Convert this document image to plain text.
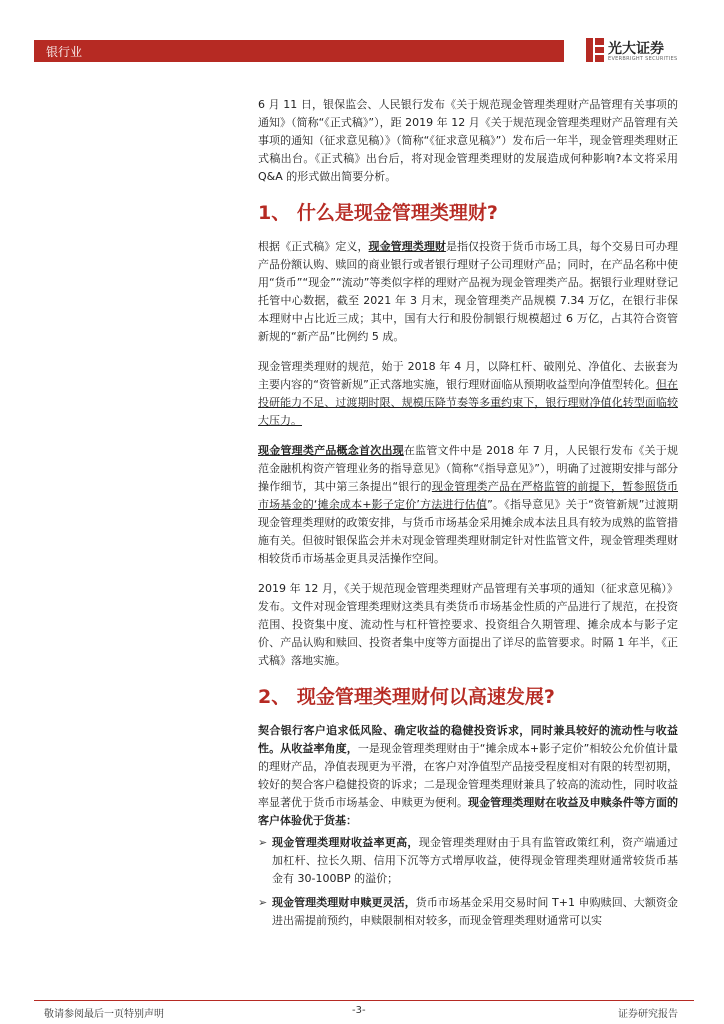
银行业	光大证券
EVERBRIGHT SECURITIES

6 月 11 日，银保监会、人民银行发布《关于规范现金管理类理财产品管理有关事项的通知》（简称“《正式稿》”），距 2019 年 12 月《关于规范现金管理类理财产品管理有关事项的通知（征求意见稿）》（简称“《征求意见稿》”）发布后一年半，现金管理类理财正式稿出台。《正式稿》出台后，将对现金管理类理财的发展造成何种影响?本文将采用 Q&A 的形式做出简要分析。

1、 什么是现金管理类理财?

根据《正式稿》定义，现金管理类理财是指仅投资于货币市场工具，每个交易日可办理产品份额认购、赎回的商业银行或者银行理财子公司理财产品；同时，在产品名称中使用“货币”“现金”“流动”等类似字样的理财产品视为现金管理类产品。据银行业理财登记托管中心数据，截至 2021 年 3 月末，现金管理类产品规模 7.34 万亿，在银行非保本理财中占比近三成；其中，国有大行和股份制银行规模超过 6 万亿，占其符合资管新规的“新产品”比例约 5 成。

现金管理类理财的规范，始于 2018 年 4 月，以降杠杆、破刚兑、净值化、去嵌套为主要内容的“资管新规”正式落地实施，银行理财面临从预期收益型向净值型转化。但在投研能力不足、过渡期时限、规模压降节奏等多重约束下，银行理财净值化转型面临较大压力。

现金管理类产品概念首次出现在监管文件中是 2018 年 7 月，人民银行发布《关于规范金融机构资产管理业务的指导意见》（简称“《指导意见》”），明确了过渡期安排与部分操作细节，其中第三条提出“银行的现金管理类产品在严格监管的前提下，暂参照货币市场基金的‘摊余成本+影子定价’方法进行估值”。《指导意见》关于“资管新规”过渡期现金管理类理财的政策安排，与货币市场基金采用摊余成本法且具有较为成熟的监管措施有关。但彼时银保监会并未对现金管理类理财制定针对性监管文件，现金管理类理财相较货币市场基金更具灵活操作空间。

2019 年 12 月，《关于规范现金管理类理财产品管理有关事项的通知（征求意见稿）》发布。文件对现金管理类理财这类具有类货币市场基金性质的产品进行了规范，在投资范围、投资集中度、流动性与杠杆管控要求、投资组合久期管理、摊余成本与影子定价、产品认购和赎回、投资者集中度等方面提出了详尽的监管要求。时隔 1 年半，《正式稿》落地实施。

2、 现金管理类理财何以高速发展?

契合银行客户追求低风险、确定收益的稳健投资诉求，同时兼具较好的流动性与收益性。从收益率角度，一是现金管理类理财由于“摊余成本+影子定价”相较公允价值计量的理财产品，净值表现更为平滑，在客户对净值型产品接受程度相对有限的转型初期，较好的契合客户稳健投资的诉求；二是现金管理类理财兼具了较高的流动性，同时收益率显著优于货币市场基金、申赎更为便利。现金管理类理财在收益及申赎条件等方面的客户体验优于货基：

➢ 现金管理类理财收益率更高，现金管理类理财由于具有监管政策红利，资产端通过加杠杆、拉长久期、信用下沉等方式增厚收益，使得现金管理类理财通常较货币基金有 30-100BP 的溢价；
➢ 现金管理类理财申赎更灵活，货币市场基金采用交易时间 T+1 申购赎回、大额资金进出需提前预约，申赎限制相对较多，而现金管理类理财通常可以实
敬请参阅最后一页特别声明	-3-	证券研究报告
